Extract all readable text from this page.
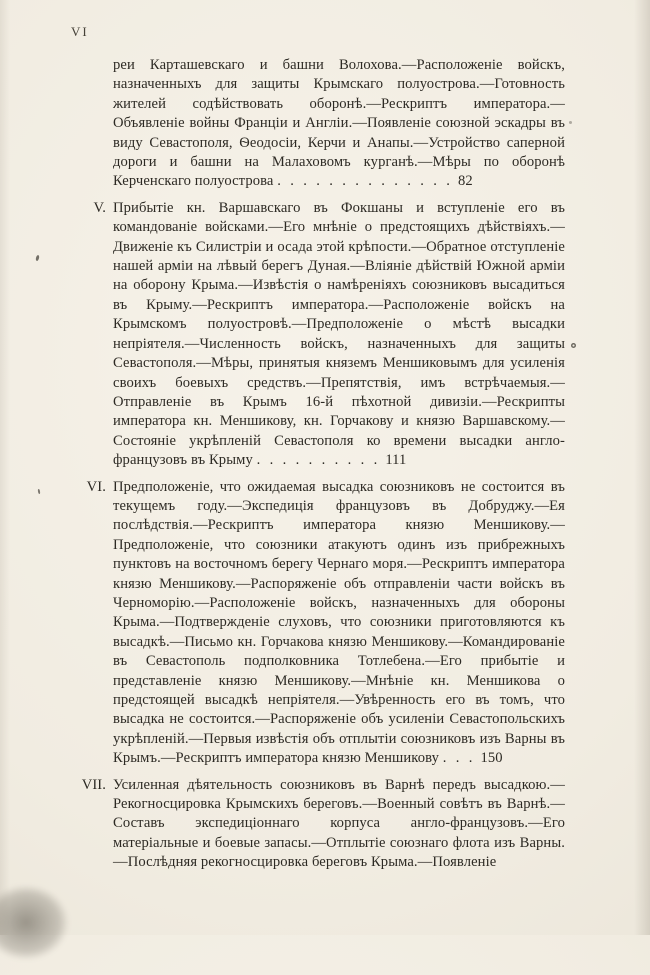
VI
реи Карташевскаго и башни Волохова.—Расположеніе войскъ, назначенныхъ для защиты Крымскаго полуострова.—Готовность жителей содѣйствовать оборонѣ.—Рескриптъ императора.—Объявленіе войны Франціи и Англіи.—Появленіе союзной эскадры въ виду Севастополя, Ѳеодосіи, Керчи и Анапы.—Устройство саперной дороги и башни на Малаховомъ курганѣ.—Мѣры по оборонѣ Керченскаго полуострова . . . . . . . . . . . . . . 82
V. Прибытіе кн. Варшавскаго въ Фокшаны и вступленіе его въ командованіе войсками.—Его мнѣніе о предстоящихъ дѣйствіяхъ.—Движеніе къ Силистріи и осада этой крѣпости.—Обратное отступленіе нашей арміи на лѣвый берегъ Дуная.—Вліяніе дѣйствій Южной арміи на оборону Крыма.—Извѣстія о намѣреніяхъ союзниковъ высадиться въ Крыму.—Рескриптъ императора.—Расположеніе войскъ на Крымскомъ полуостровѣ.—Предположеніе о мѣстѣ высадки непріятеля.—Численность войскъ, назначенныхъ для защиты Севастополя.—Мѣры, принятыя княземъ Меншиковымъ для усиленія своихъ боевыхъ средствъ.—Препятствія, имъ встрѣчаемыя.—Отправленіе въ Крымъ 16-й пѣхотной дивизіи.—Рескрипты императора кн. Меншикову, кн. Горчакову и князю Варшавскому.—Состояніе укрѣпленій Севастополя ко времени высадки англо-французовъ въ Крыму . . . . . . . . . . 111
VI. Предположеніе, что ожидаемая высадка союзниковъ не состоится въ текущемъ году.—Экспедиція французовъ въ Добруджу.—Ея послѣдствія.—Рескриптъ императора князю Меншикову.—Предположеніе, что союзники атакуютъ одинъ изъ прибрежныхъ пунктовъ на восточномъ берегу Чернаго моря.—Рескриптъ императора князю Меншикову.—Распоряженіе объ отправленіи части войскъ въ Черноморію.—Расположеніе войскъ, назначенныхъ для обороны Крыма.—Подтвержденіе слуховъ, что союзники приготовляются къ высадкѣ.—Письмо кн. Горчакова князю Меншикову.—Командированіе въ Севастополь подполковника Тотлебена.—Его прибытіе и представленіе князю Меншикову.—Мнѣніе кн. Меншикова о предстоящей высадкѣ непріятеля.—Увѣренность его въ томъ, что высадка не состоится.—Распоряженіе объ усиленіи Севастопольскихъ укрѣпленій.—Первыя извѣстія объ отплытіи союзниковъ изъ Варны въ Крымъ.—Рескриптъ императора князю Меншикову . . . 150
VII. Усиленная дѣятельность союзниковъ въ Варнѣ передъ высадкою.—Рекогносцировка Крымскихъ береговъ.—Военный совѣтъ въ Варнѣ.—Составъ экспедиціоннаго корпуса англо-французовъ.—Его матеріальные и боевые запасы.—Отплытіе союзнаго флота изъ Варны.—Послѣдняя рекогносцировка береговъ Крыма.—Появленіе
